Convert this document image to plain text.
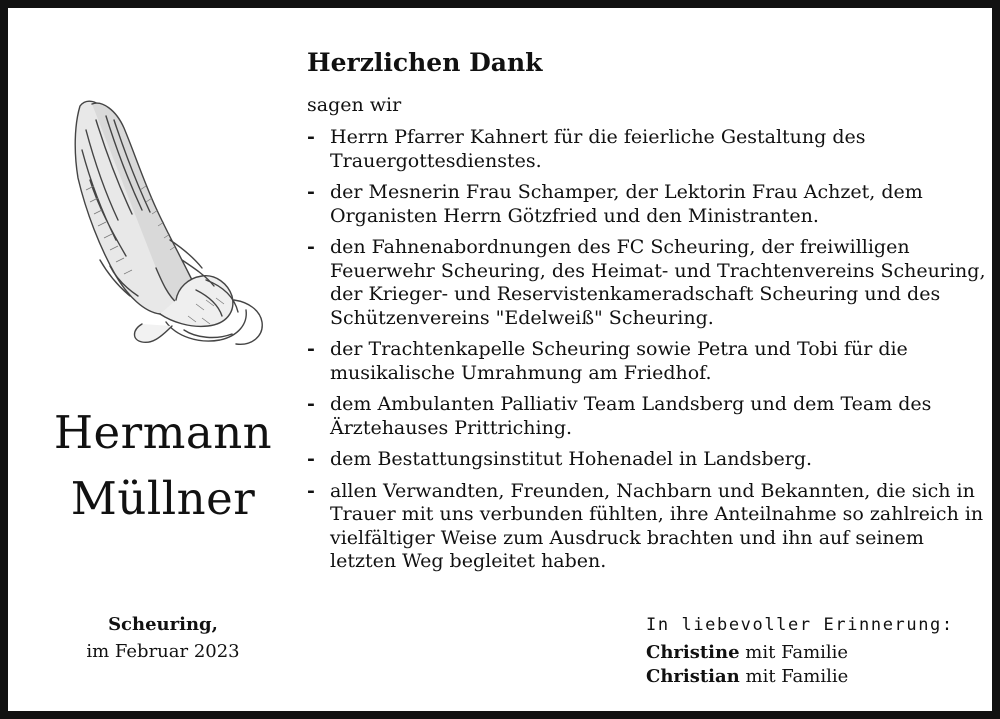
Hermann
Müllner
Scheuring,
im Februar 2023
Herzlichen Dank
sagen wir
- Herrn Pfarrer Kahnert für die feierliche Gestaltung des Trauergottesdienstes.
- der Mesnerin Frau Schamper, der Lektorin Frau Achzet, dem Organisten Herrn Götzfried und den Ministranten.
- den Fahnenabordnungen des FC Scheuring, der freiwilligen Feuerwehr Scheuring, des Heimat- und Trachtenvereins Scheuring, der Krieger- und Reservistenkameradschaft Scheuring und des Schützenvereins "Edelweiß" Scheuring.
- der Trachtenkapelle Scheuring sowie Petra und Tobi für die musikalische Umrahmung am Friedhof.
- dem Ambulanten Palliativ Team Landsberg und dem Team des Ärztehauses Prittriching.
- dem Bestattungsinstitut Hohenadel in Landsberg.
- allen Verwandten, Freunden, Nachbarn und Bekannten, die sich in Trauer mit uns verbunden fühlten, ihre Anteilnahme so zahlreich in vielfältiger Weise zum Ausdruck brachten und ihn auf seinem letzten Weg begleitet haben.
In liebevoller Erinnerung:
Christine mit Familie
Christian mit Familie
